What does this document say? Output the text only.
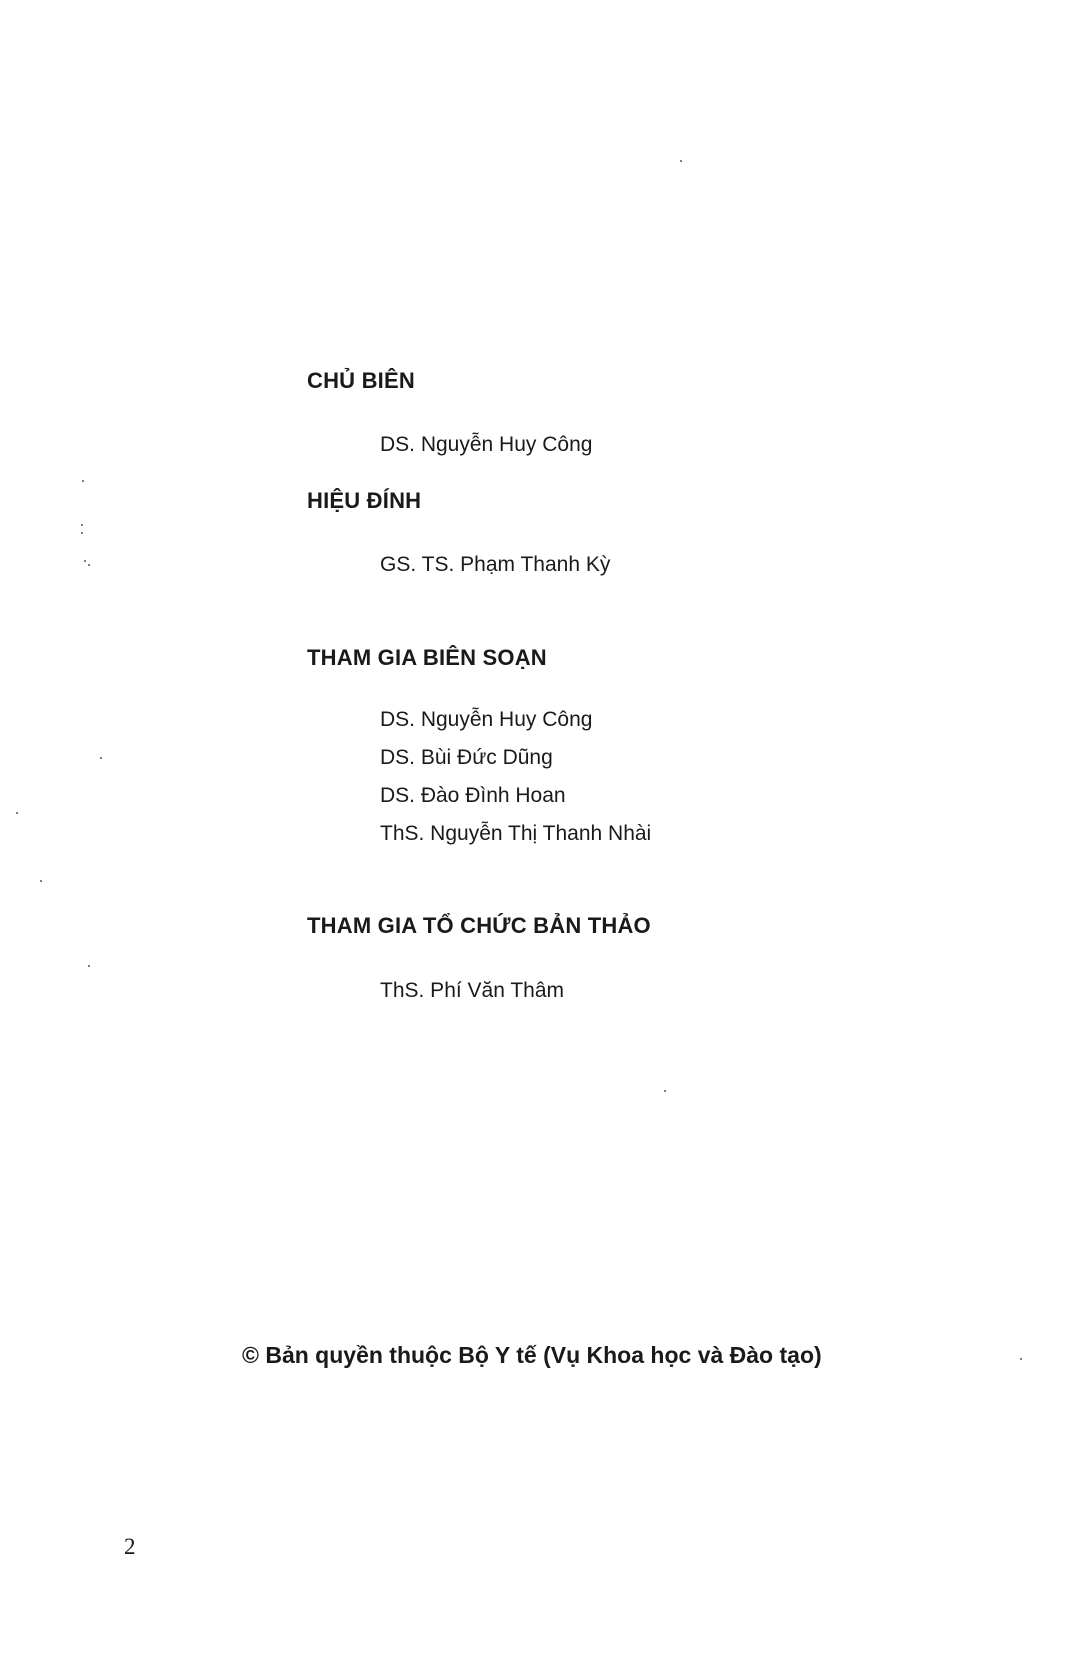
CHỦ BIÊN

DS. Nguyễn Huy Công

HIỆU ĐÍNH

GS. TS. Phạm Thanh Kỳ

THAM GIA BIÊN SOẠN

DS. Nguyễn Huy Công

DS. Bùi Đức Dũng

DS. Đào Đình Hoan

ThS. Nguyễn Thị Thanh Nhài

THAM GIA TỔ CHỨC BẢN THẢO

ThS. Phí Văn Thâm

© Bản quyền thuộc Bộ Y tế (Vụ Khoa học và Đào tạo)

2
